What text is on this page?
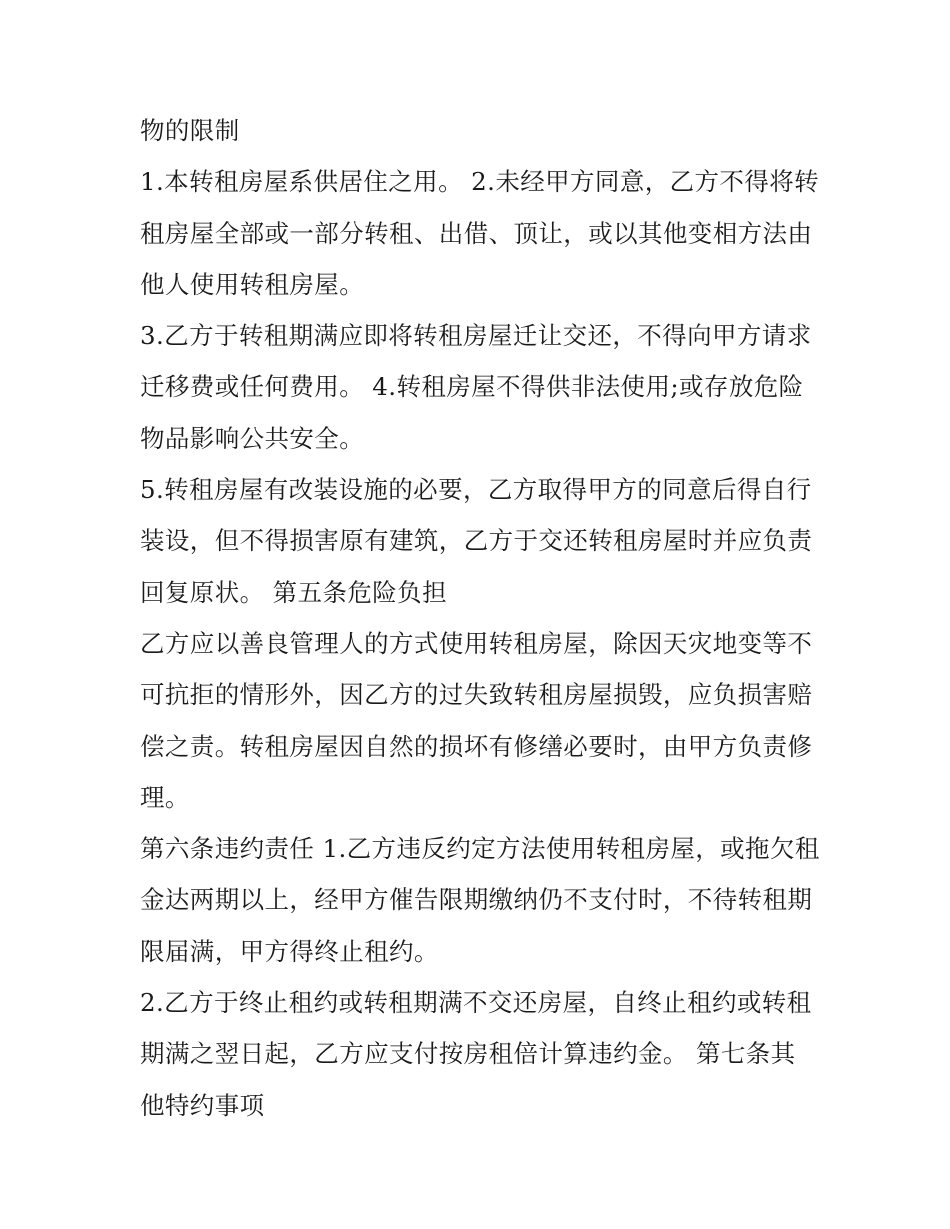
物的限制
1.本转租房屋系供居住之用。 2.未经甲方同意，乙方不得将转
租房屋全部或一部分转租、出借、顶让，或以其他变相方法由
他人使用转租房屋。
3.乙方于转租期满应即将转租房屋迁让交还，不得向甲方请求
迁移费或任何费用。 4.转租房屋不得供非法使用;或存放危险
物品影响公共安全。
5.转租房屋有改装设施的必要，乙方取得甲方的同意后得自行
装设，但不得损害原有建筑，乙方于交还转租房屋时并应负责
回复原状。 第五条危险负担
乙方应以善良管理人的方式使用转租房屋，除因天灾地变等不
可抗拒的情形外，因乙方的过失致转租房屋损毁，应负损害赔
偿之责。转租房屋因自然的损坏有修缮必要时，由甲方负责修
理。
第六条违约责任 1.乙方违反约定方法使用转租房屋，或拖欠租
金达两期以上，经甲方催告限期缴纳仍不支付时，不待转租期
限届满，甲方得终止租约。
2.乙方于终止租约或转租期满不交还房屋，自终止租约或转租
期满之翌日起，乙方应支付按房租倍计算违约金。 第七条其
他特约事项
